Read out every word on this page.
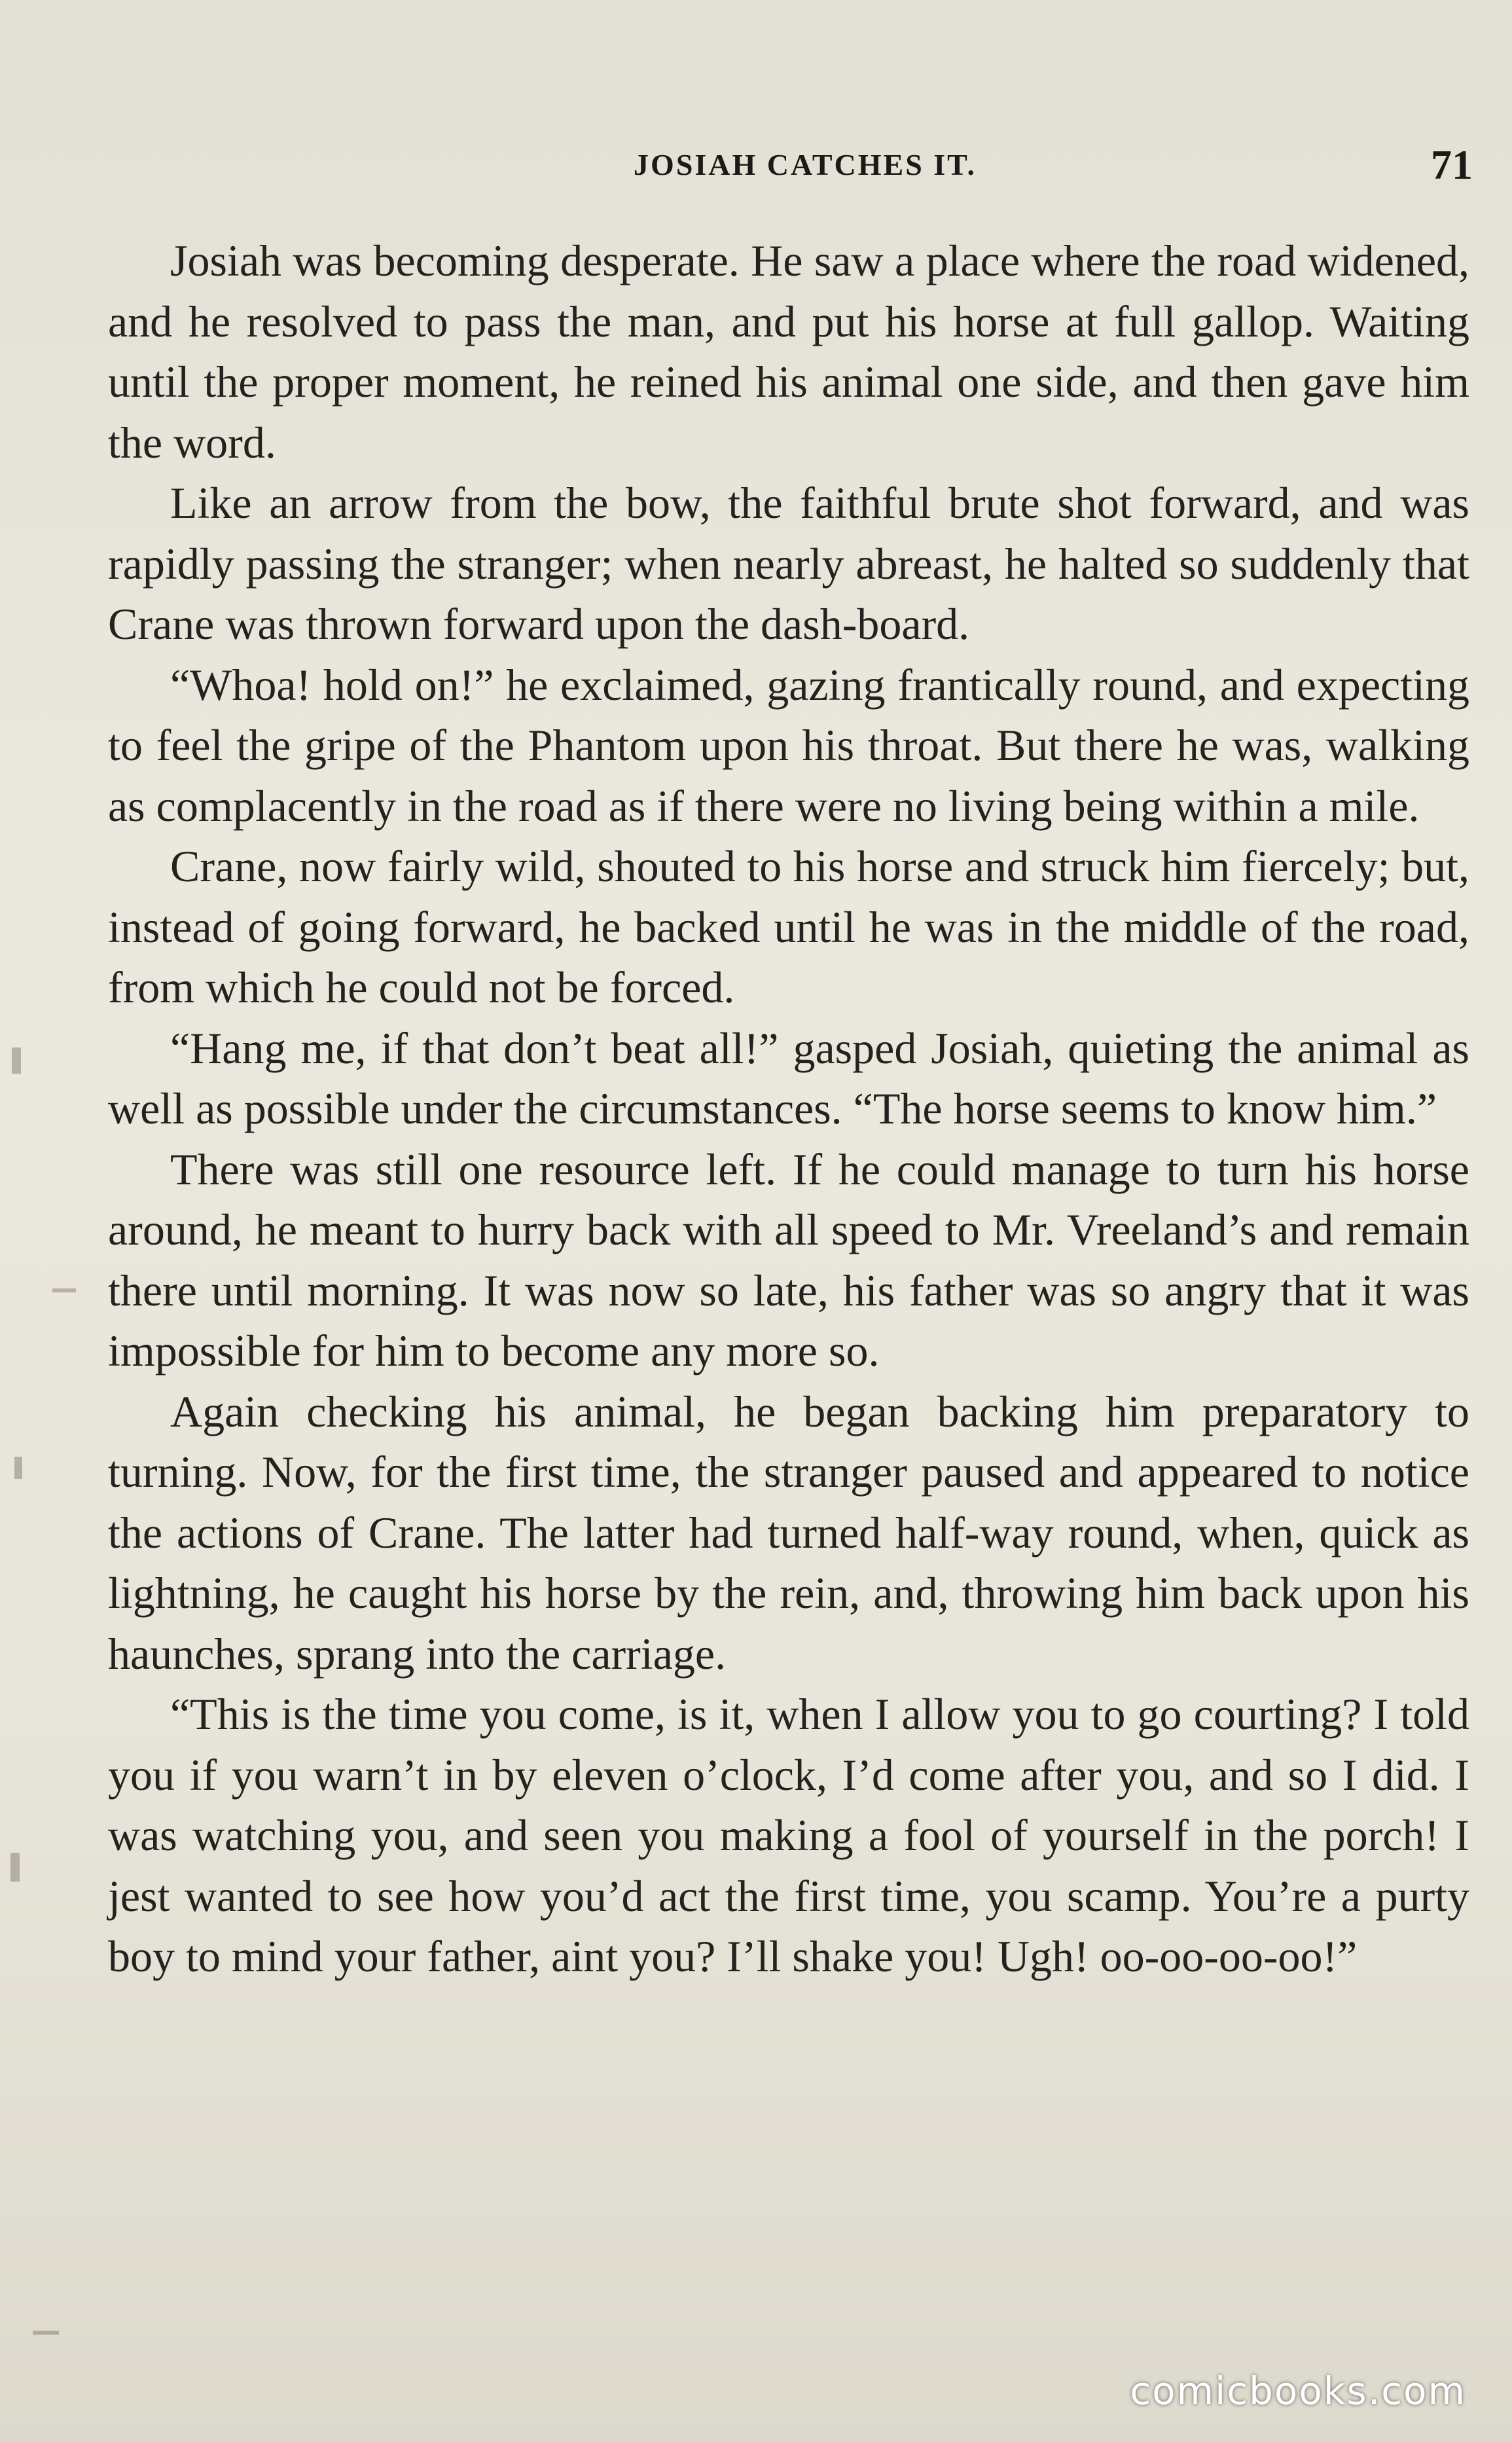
JOSIAH CATCHES IT.	71

Josiah was becoming desperate. He saw a place where the road widened, and he resolved to pass the man, and put his horse at full gallop. Waiting until the proper moment, he reined his animal one side, and then gave him the word.

Like an arrow from the bow, the faithful brute shot forward, and was rapidly passing the stranger; when nearly abreast, he halted so suddenly that Crane was thrown forward upon the dash-board.

“Whoa! hold on!” he exclaimed, gazing frantically round, and expecting to feel the gripe of the Phantom upon his throat. But there he was, walking as complacently in the road as if there were no living being within a mile.

Crane, now fairly wild, shouted to his horse and struck him fiercely; but, instead of going forward, he backed until he was in the middle of the road, from which he could not be forced.

“Hang me, if that don’t beat all!” gasped Josiah, quieting the animal as well as possible under the circumstances. “The horse seems to know him.”

There was still one resource left. If he could manage to turn his horse around, he meant to hurry back with all speed to Mr. Vreeland’s and remain there until morning. It was now so late, his father was so angry that it was impossible for him to become any more so.

Again checking his animal, he began backing him preparatory to turning. Now, for the first time, the stranger paused and appeared to notice the actions of Crane. The latter had turned half-way round, when, quick as lightning, he caught his horse by the rein, and, throwing him back upon his haunches, sprang into the carriage.

“This is the time you come, is it, when I allow you to go courting? I told you if you warn’t in by eleven o’clock, I’d come after you, and so I did. I was watching you, and seen you making a fool of yourself in the porch! I jest wanted to see how you’d act the first time, you scamp. You’re a purty boy to mind your father, aint you? I’ll shake you! Ugh! oo-oo-oo-oo!”

comicbooks.com
